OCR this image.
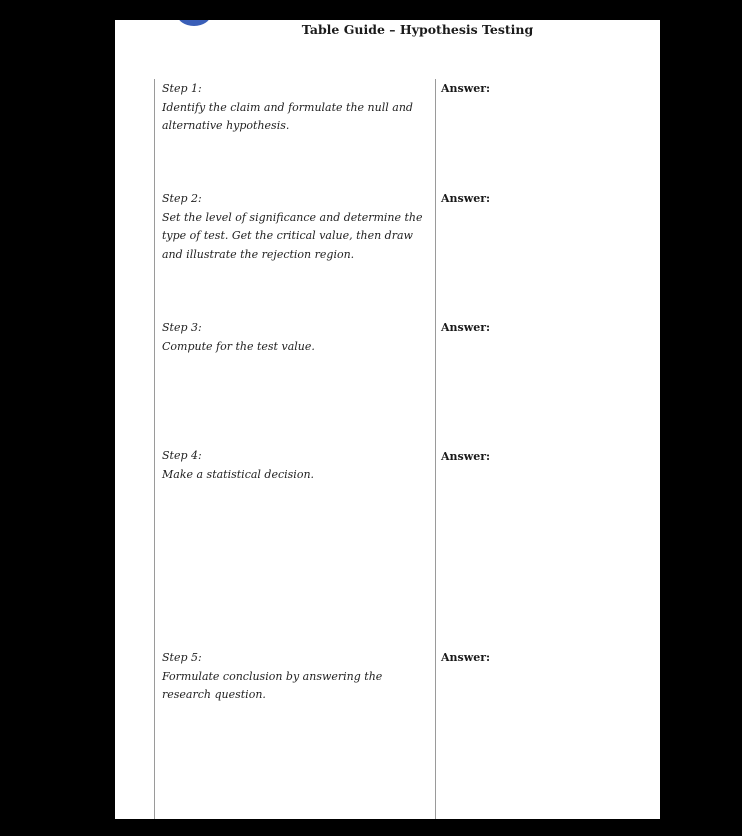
Table Guide – Hypothesis Testing
Step 1:
Identify the claim and formulate the null and alternative hypothesis.
Answer:
Step 2:
Set the level of significance and determine the type of test. Get the critical value, then draw and illustrate the rejection region.
Answer:
Step 3:
Compute for the test value.
Answer:
Step 4:
Make a statistical decision.
Answer:
Step 5:
Formulate conclusion by answering the research question.
Answer:
